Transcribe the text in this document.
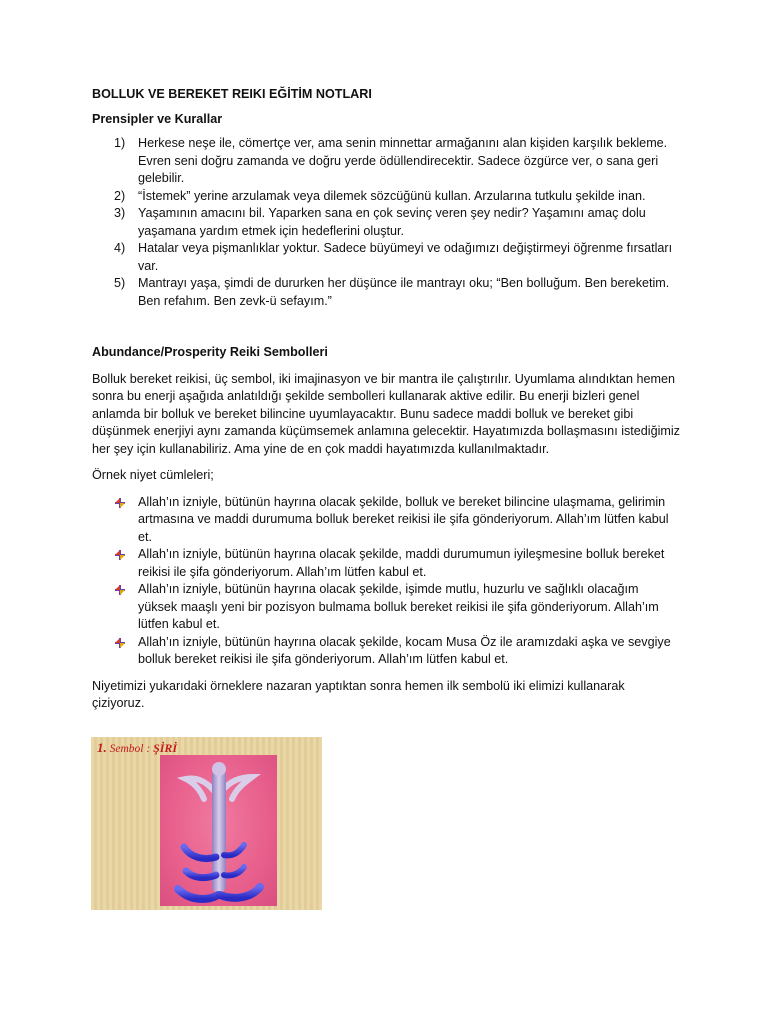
BOLLUK VE BEREKET REIKI EĞİTİM NOTLARI
Prensipler ve Kurallar
1) Herkese neşe ile, cömertçe ver, ama senin minnettar armağanını alan kişiden karşılık bekleme. Evren seni doğru zamanda ve doğru yerde ödüllendirecektir. Sadece özgürce ver, o sana geri gelebilir.
2) “İstemek” yerine arzulamak veya dilemek sözcüğünü kullan. Arzularına tutkulu şekilde inan.
3) Yaşamının amacını bil. Yaparken sana en çok sevinç veren şey nedir? Yaşamını amaç dolu yaşamana yardım etmek için hedeflerini oluştur.
4) Hatalar veya pişmanlıklar yoktur. Sadece büyümeyi ve odağımızı değiştirmeyi öğrenme fırsatları var.
5) Mantrayı yaşa, şimdi de dururken her düşünce ile mantrayı oku; “Ben bolluğum. Ben bereketim. Ben refahım. Ben zevk-ü sefayım.”
Abundance/Prosperity Reiki Sembolleri

Bolluk bereket reikisi, üç sembol, iki imajinasyon ve bir mantra ile çalıştırılır. Uyumlama alındıktan hemen sonra bu enerji aşağıda anlatıldığı şekilde sembolleri kullanarak aktive edilir. Bu enerji bizleri genel anlamda bir bolluk ve bereket bilincine uyumlayacaktır. Bunu sadece maddi bolluk ve bereket gibi düşünmek enerjiyi aynı zamanda küçümsemek anlamına gelecektir. Hayatımızda bollaşmasını istediğimiz her şey için kullanabiliriz. Ama yine de en çok maddi hayatımızda kullanılmaktadır.

Örnek niyet cümleleri;

Allah’ın izniyle, bütünün hayrına olacak şekilde, bolluk ve bereket bilincine ulaşmama, gelirimin artmasına ve maddi durumuma bolluk bereket reikisi ile şifa gönderiyorum. Allah’ım lütfen kabul et.
Allah’ın izniyle, bütünün hayrına olacak şekilde, maddi durumumun iyileşmesine bolluk bereket reikisi ile şifa gönderiyorum. Allah’ım lütfen kabul et.
Allah’ın izniyle, bütünün hayrına olacak şekilde, işimde mutlu, huzurlu ve sağlıklı olacağım yüksek maaşlı yeni bir pozisyon bulmama bolluk bereket reikisi ile şifa gönderiyorum. Allah’ım lütfen kabul et.
Allah’ın izniyle, bütünün hayrına olacak şekilde, kocam Musa Öz ile aramızdaki aşka ve sevgiye bolluk bereket reikisi ile şifa gönderiyorum. Allah’ım lütfen kabul et.

Niyetimizi yukarıdaki örneklere nazaran yaptıktan sonra hemen ilk sembolü iki elimizi kullanarak çiziyoruz.

1. Sembol : ŞİRİ
